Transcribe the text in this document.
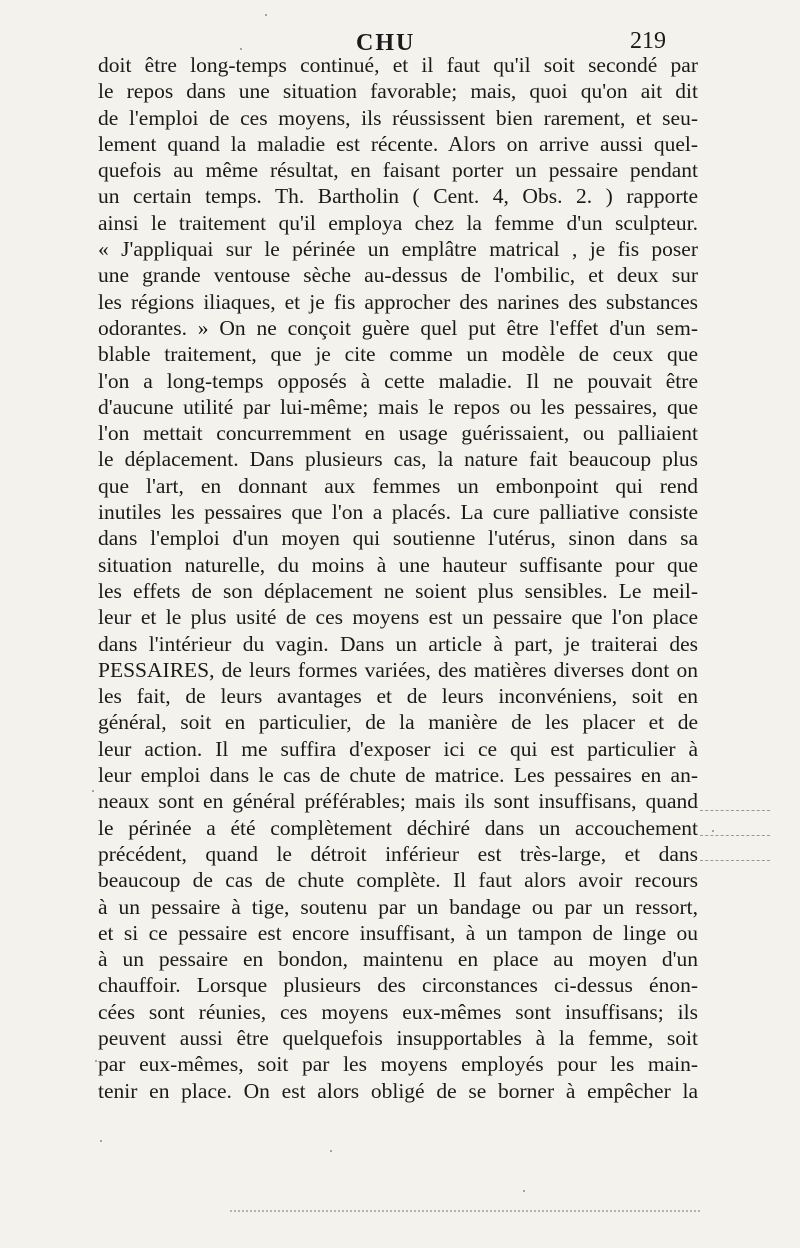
CHU	219
doit être long-temps continué, et il faut qu'il soit secondé par
le repos dans une situation favorable; mais, quoi qu'on ait dit
de l'emploi de ces moyens, ils réussissent bien rarement, et seu-
lement quand la maladie est récente. Alors on arrive aussi quel-
quefois au même résultat, en faisant porter un pessaire pendant
un certain temps. Th. Bartholin ( Cent. 4, Obs. 2. ) rapporte
ainsi le traitement qu'il employa chez la femme d'un sculpteur.
« J'appliquai sur le périnée un emplâtre matrical , je fis poser
une grande ventouse sèche au-dessus de l'ombilic, et deux sur
les régions iliaques, et je fis approcher des narines des substances
odorantes. » On ne conçoit guère quel put être l'effet d'un sem-
blable traitement, que je cite comme un modèle de ceux que
l'on a long-temps opposés à cette maladie. Il ne pouvait être
d'aucune utilité par lui-même; mais le repos ou les pessaires, que
l'on mettait concurremment en usage guérissaient, ou palliaient
le déplacement. Dans plusieurs cas, la nature fait beaucoup plus
que l'art, en donnant aux femmes un embonpoint qui rend
inutiles les pessaires que l'on a placés. La cure palliative consiste
dans l'emploi d'un moyen qui soutienne l'utérus, sinon dans sa
situation naturelle, du moins à une hauteur suffisante pour que
les effets de son déplacement ne soient plus sensibles. Le meil-
leur et le plus usité de ces moyens est un pessaire que l'on place
dans l'intérieur du vagin. Dans un article à part, je traiterai des
PESSAIRES, de leurs formes variées, des matières diverses dont on
les fait, de leurs avantages et de leurs inconvéniens, soit en
général, soit en particulier, de la manière de les placer et de
leur action. Il me suffira d'exposer ici ce qui est particulier à
leur emploi dans le cas de chute de matrice. Les pessaires en an-
neaux sont en général préférables; mais ils sont insuffisans, quand
le périnée a été complètement déchiré dans un accouchement
précédent, quand le détroit inférieur est très-large, et dans
beaucoup de cas de chute complète. Il faut alors avoir recours
à un pessaire à tige, soutenu par un bandage ou par un ressort,
et si ce pessaire est encore insuffisant, à un tampon de linge ou
à un pessaire en bondon, maintenu en place au moyen d'un
chauffoir. Lorsque plusieurs des circonstances ci-dessus énon-
cées sont réunies, ces moyens eux-mêmes sont insuffisans; ils
peuvent aussi être quelquefois insupportables à la femme, soit
par eux-mêmes, soit par les moyens employés pour les main-
tenir en place. On est alors obligé de se borner à empêcher la
